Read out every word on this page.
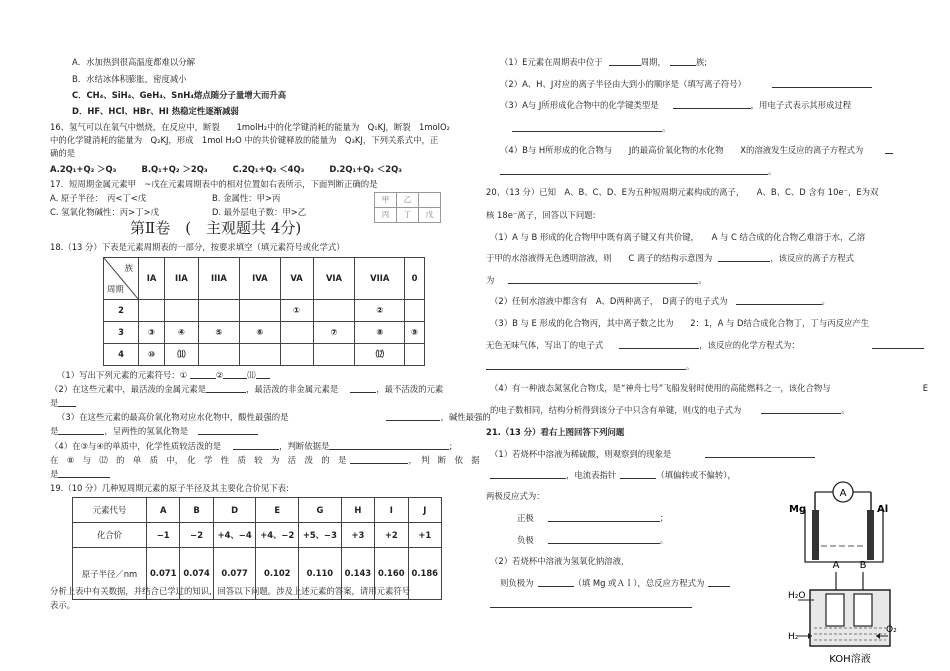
A．水加热到很高温度都难以分解
B．水结冰体积膨胀，密度减小
C．CH₄、SiH₄、GeH₄、SnH₄熔点随分子量增大而升高
D．HF、HCl、HBr、HI 热稳定性逐渐减弱
16、氢气可以在氧气中燃烧，在反应中，断裂　　1molH₂中的化学键消耗的能量为　Q₁KJ，断裂　1molO₂
中的化学键消耗的能量为　Q₂KJ，形成　1mol H₂O 中的共价键释放的能量为　Q₃KJ，下列关系式中，正
确的是
A.2Q₁+Q₂ ＞Q₃　　　B.Q₁+Q₂ ＞2Q₃　　　C.2Q₁+Q₂ ＜4Q₃　　　D.2Q₁+Q₂ ＜2Q₃
17．短周期金属元素甲　~戊在元素周期表中的相对位置如右表所示，下面判断正确的是
A. 原子半径：　丙<丁<戊	B. 金属性：甲>丙
C. 氢氧化物碱性：丙>丁>戊	D. 最外层电子数：甲>乙
甲	乙	
丙	丁	戊
第Ⅱ卷　(　主观题共 4分)
18.（13 分）下表是元素周期表的一部分，按要求填空（填元素符号或化学式）
族
周期	IA	IIA	IIIA	IVA	VA	VIA	VIIA	0
2					①		②	
3	③	④	⑤	⑥		⑦	⑧	⑨
4	⑩	⑾					⑿	
（1）写出下列元素的元素符号：①	②	⑾
（2）在这些元素中，最活泼的金属元素是	，最活泼的非金属元素是	，最不活泼的元素
是
（3）在这些元素的最高价氧化物对应水化物中，酸性最强的是	，碱性最强的
是	，呈两性的氢氧化物是
（4）在③与④的单质中，化学性质较活泼的是	，判断依据是	;
在　⑧　与　⑿　的　单　质　中，　化　学　性　质　较　为　活　泼　的　是	，　判　断　依　据
是
19.（10 分）几种短周期元素的原子半径及其主要化合价见下表:
元素代号	A	B	D	E	G	H	I	J
化合价	−1	−2	+4、−4	+4、−2	+5、−3	+3	+2	+1
原子半径／nm	0.071	0.074	0.077	0.102	0.110	0.143	0.160	0.186
分析上表中有关数据，并结合已学过的知识，回答以下问题。涉及上述元素的答案，请用元素符号
表示。
（1）E元素在周期表中位于	周期，	族;
（2）A、H、J对应的离子半径由大到小的顺序是（填写离子符号）
（3）A与 J所形成化合物中的化学键类型是	，用电子式表示其形成过程
。
（4）B与 H所形成的化合物与　　J的最高价氧化物的水化物　　X的溶液发生反应的离子方程式为
。
20、（13 分）已知　A、B、C、D、E为五种短周期元素构成的离子，　　A、B、C、D 含有 10e⁻，E为双
核 18e⁻离子，回答以下问题:
（1）A 与 B 形成的化合物甲中既有离子键又有共价键，　　A 与 C 结合成的化合物乙难溶于水，乙溶
于甲的水溶液得无色透明溶液，则　　C 离子的结构示意图为	，该反应的离子方程式
为	。
（2）任何水溶液中都含有　A、D两种离子，　D离子的电子式为	。
（3）B 与 E 形成的化合物丙，其中离子数之比为　　2：1，A 与 D结合成化合物丁，丁与丙反应产生
无色无味气体，写出丁的电子式	，该反应的化学方程式为：
。
（4）有一种液态氮氢化合物戊，是“神舟七号”飞船发射时使用的高能燃料之一，该化合物与　　　　　　　　　　　E
的电子数相同，结构分析得到该分子中只含有单键，则戊的电子式为	。
21.（13 分）看右上图回答下列问题
（1）若烧杯中溶液为稀硫酸，则观察到的现象是
，电流表指针	（填偏转或不偏转），
两极反应式为：
正极	；
负极	。
（2）若烧杯中溶液为氢氧化钠溶液，
则负极为	（填 Mg 或Ａｌ），总反应方程式为
A
Mg	Al
A B
H₂O
H₂
O₂
KOH溶液
